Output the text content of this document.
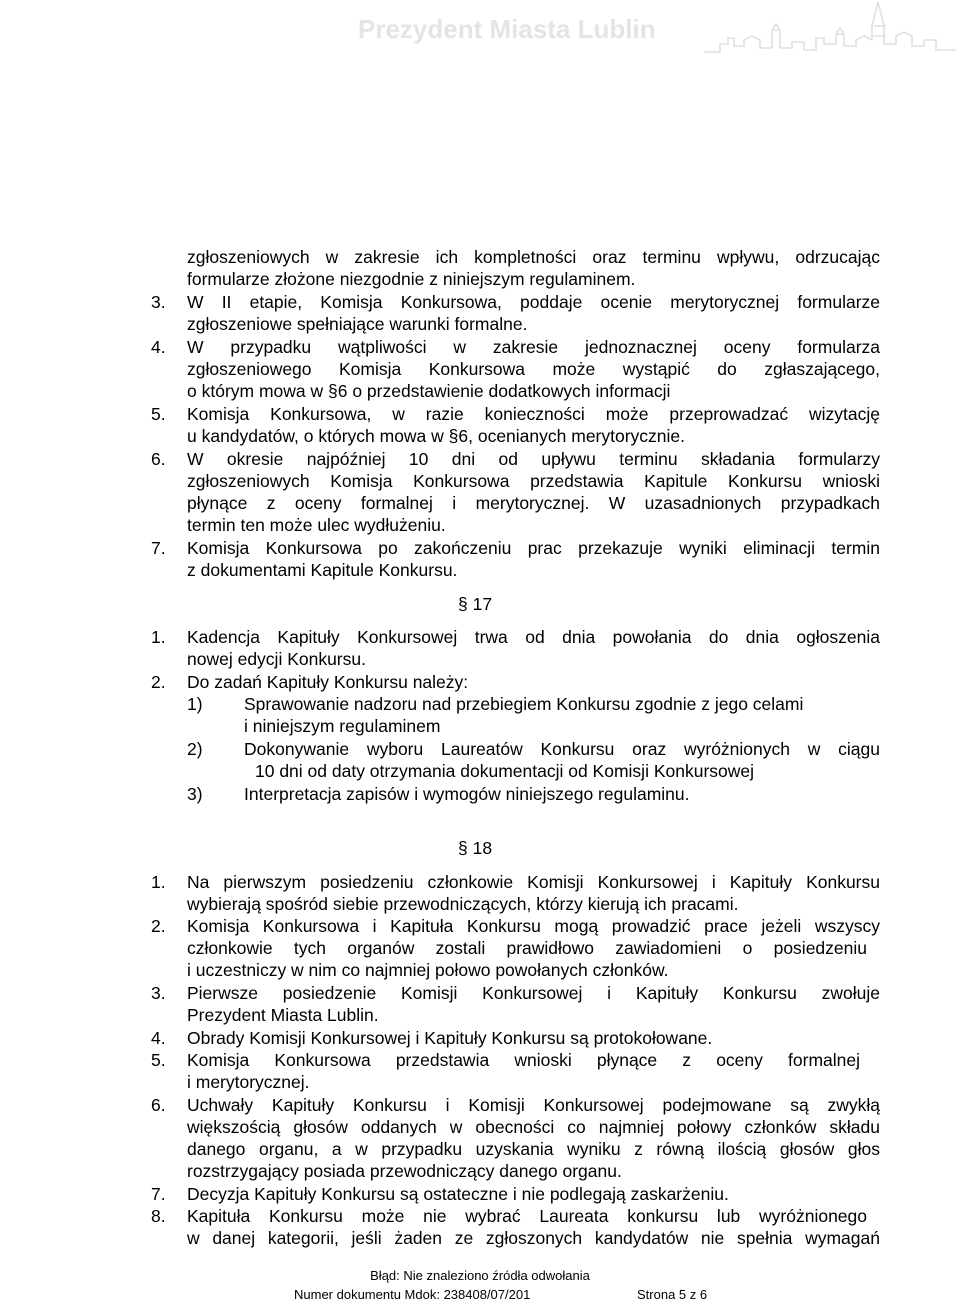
Prezydent Miasta Lublin
zgłoszeniowych w zakresie ich kompletności oraz terminu wpływu, odrzucając
formularze złożone niezgodnie z niniejszym regulaminem.
3. W II etapie, Komisja Konkursowa, poddaje ocenie merytorycznej formularze
zgłoszeniowe spełniające warunki formalne.
4. W przypadku wątpliwości w zakresie jednoznacznej oceny formularza
zgłoszeniowego Komisja Konkursowa może wystąpić do zgłaszającego,
o którym mowa w §6 o przedstawienie dodatkowych informacji
5. Komisja Konkursowa, w razie konieczności może przeprowadzać wizytację
u kandydatów, o których mowa w §6, ocenianych merytorycznie.
6. W okresie najpóźniej 10 dni od upływu terminu składania formularzy
zgłoszeniowych Komisja Konkursowa przedstawia Kapitule Konkursu wnioski
płynące z oceny formalnej i merytorycznej. W uzasadnionych przypadkach
termin ten może ulec wydłużeniu.
7. Komisja Konkursowa po zakończeniu prac przekazuje wyniki eliminacji termin
z dokumentami Kapitule Konkursu.
§ 17
1. Kadencja Kapituły Konkursowej trwa od dnia powołania do dnia ogłoszenia
nowej edycji Konkursu.
2. Do zadań Kapituły Konkursu należy:
1) Sprawowanie nadzoru nad przebiegiem Konkursu zgodnie z jego celami
i niniejszym regulaminem
2) Dokonywanie wyboru Laureatów Konkursu oraz wyróżnionych w ciągu
10 dni od daty otrzymania dokumentacji od Komisji Konkursowej
3) Interpretacja zapisów i wymogów niniejszego regulaminu.
§ 18
1. Na pierwszym posiedzeniu członkowie Komisji Konkursowej i Kapituły Konkursu
wybierają spośród siebie przewodniczących, którzy kierują ich pracami.
2. Komisja Konkursowa i Kapituła Konkursu mogą prowadzić prace jeżeli wszyscy
członkowie tych organów zostali prawidłowo zawiadomieni o posiedzeniu
i uczestniczy w nim co najmniej połowo powołanych członków.
3. Pierwsze posiedzenie Komisji Konkursowej i Kapituły Konkursu zwołuje
Prezydent Miasta Lublin.
4. Obrady Komisji Konkursowej i Kapituły Konkursu są protokołowane.
5. Komisja Konkursowa przedstawia wnioski płynące z oceny formalnej
i merytorycznej.
6. Uchwały Kapituły Konkursu i Komisji Konkursowej podejmowane są zwykłą
większością głosów oddanych w obecności co najmniej połowy członków składu
danego organu, a w przypadku uzyskania wyniku z równą ilością głosów głos
rozstrzygający posiada przewodniczący danego organu.
7. Decyzja Kapituły Konkursu są ostateczne i nie podlegają zaskarżeniu.
8. Kapituła Konkursu może nie wybrać Laureata konkursu lub wyróżnionego
w danej kategorii, jeśli żaden ze zgłoszonych kandydatów nie spełnia wymagań
Błąd: Nie znaleziono źródła odwołania
Numer dokumentu Mdok: 238408/07/201	Strona 5 z 6
